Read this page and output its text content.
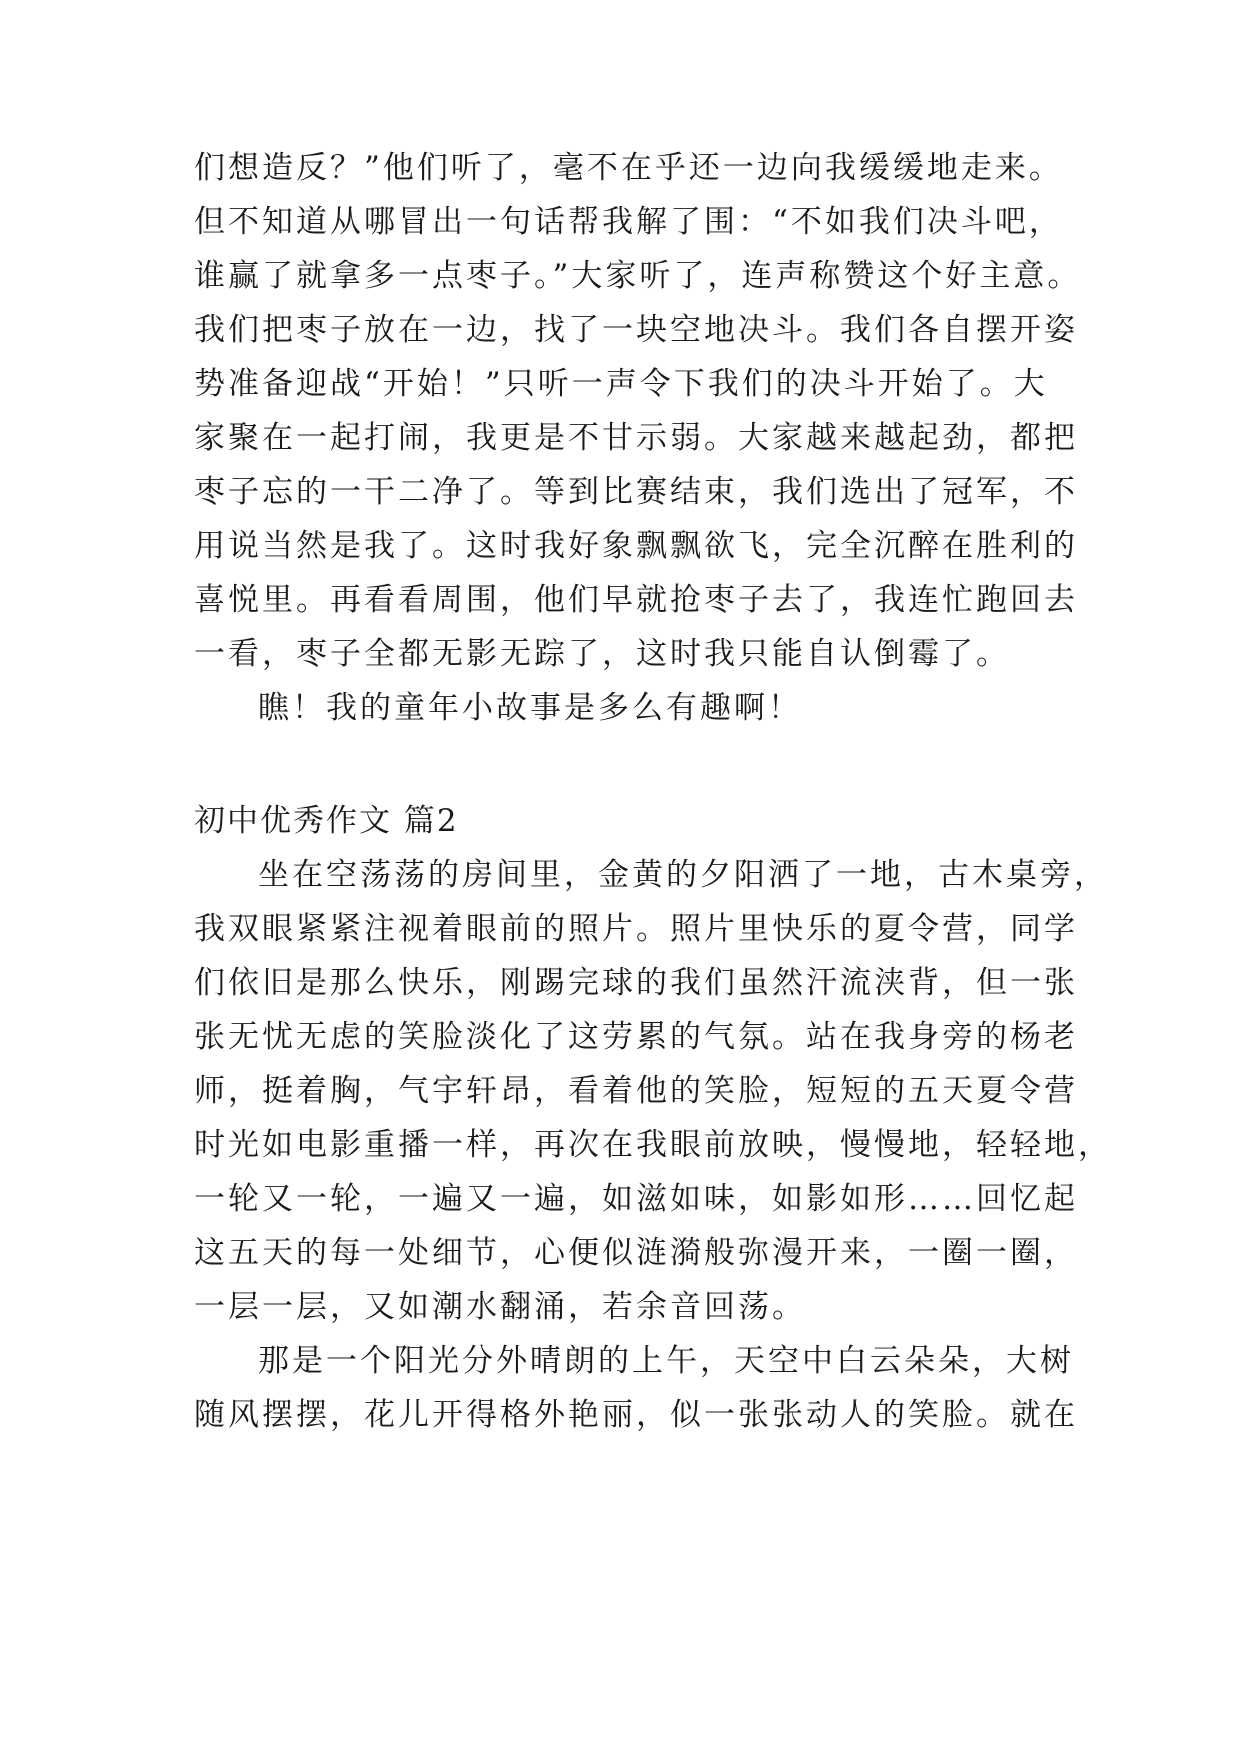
们想造反？”他们听了，毫不在乎还一边向我缓缓地走来。
但不知道从哪冒出一句话帮我解了围：“不如我们决斗吧，
谁赢了就拿多一点枣子。”大家听了，连声称赞这个好主意。
我们把枣子放在一边，找了一块空地决斗。我们各自摆开姿
势准备迎战“开始！”只听一声令下我们的决斗开始了。大
家聚在一起打闹，我更是不甘示弱。大家越来越起劲，都把
枣子忘的一干二净了。等到比赛结束，我们选出了冠军，不
用说当然是我了。这时我好象飘飘欲飞，完全沉醉在胜利的
喜悦里。再看看周围，他们早就抢枣子去了，我连忙跑回去
一看，枣子全都无影无踪了，这时我只能自认倒霉了。
瞧！我的童年小故事是多么有趣啊！
初中优秀作文 篇2
坐在空荡荡的房间里，金黄的夕阳洒了一地，古木桌旁，
我双眼紧紧注视着眼前的照片。照片里快乐的夏令营，同学
们依旧是那么快乐，刚踢完球的我们虽然汗流浃背，但一张
张无忧无虑的笑脸淡化了这劳累的气氛。站在我身旁的杨老
师，挺着胸，气宇轩昂，看着他的笑脸，短短的五天夏令营
时光如电影重播一样，再次在我眼前放映，慢慢地，轻轻地，
一轮又一轮，一遍又一遍，如滋如味，如影如形……回忆起
这五天的每一处细节，心便似涟漪般弥漫开来，一圈一圈，
一层一层，又如潮水翻涌，若余音回荡。
那是一个阳光分外晴朗的上午，天空中白云朵朵，大树
随风摆摆，花儿开得格外艳丽，似一张张动人的笑脸。就在
